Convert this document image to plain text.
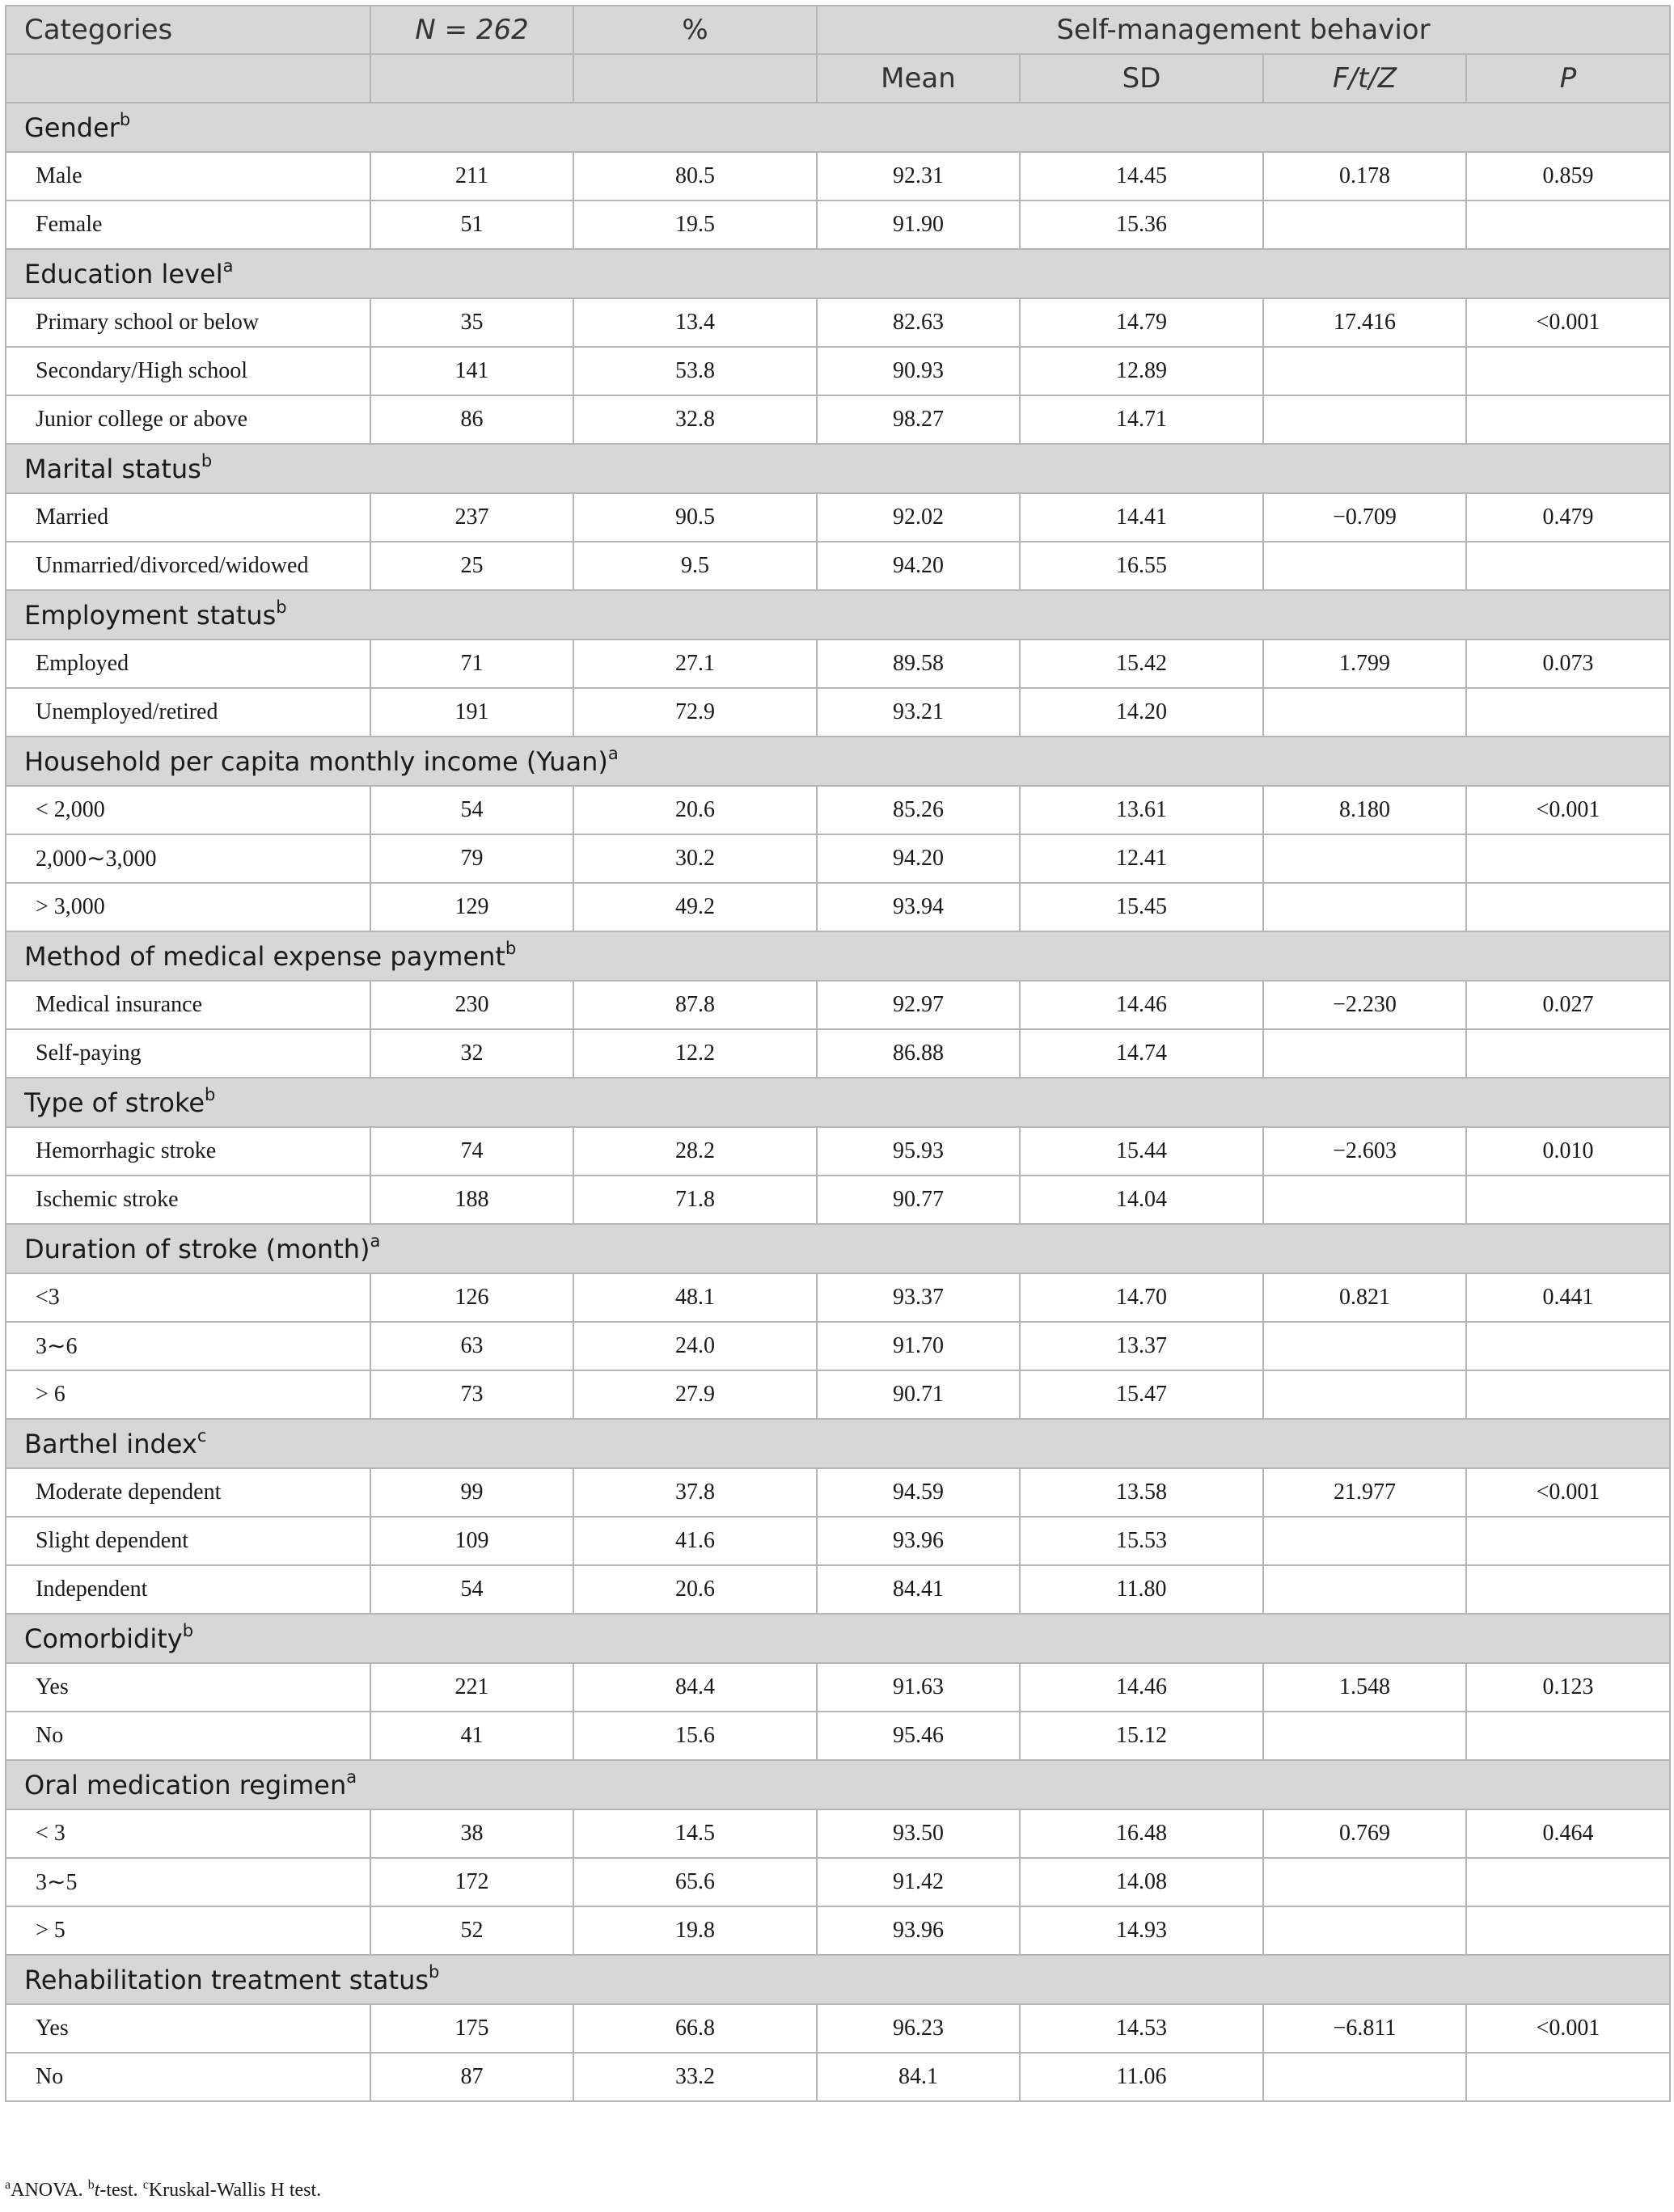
Categories	N = 262	%	Self-management behavior			
			Mean	SD	F/t/Z	P
Gender$^b$
Male	211	80.5	92.31	14.45	0.178	0.859
Female	51	19.5	91.90	15.36		
Education level$^a$
Primary school or below	35	13.4	82.63	14.79	17.416	<0.001
Secondary/High school	141	53.8	90.93	12.89		
Junior college or above	86	32.8	98.27	14.71		
Marital status$^b$
Married	237	90.5	92.02	14.41	−0.709	0.479
Unmarried/divorced/widowed	25	9.5	94.20	16.55		
Employment status$^b$
Employed	71	27.1	89.58	15.42	1.799	0.073
Unemployed/retired	191	72.9	93.21	14.20		
Household per capita monthly income (Yuan)$^a$
< 2,000	54	20.6	85.26	13.61	8.180	<0.001
2,000∼3,000	79	30.2	94.20	12.41		
> 3,000	129	49.2	93.94	15.45		
Method of medical expense payment$^b$
Medical insurance	230	87.8	92.97	14.46	−2.230	0.027
Self-paying	32	12.2	86.88	14.74		
Type of stroke$^b$
Hemorrhagic stroke	74	28.2	95.93	15.44	−2.603	0.010
Ischemic stroke	188	71.8	90.77	14.04		
Duration of stroke (month)$^a$
<3	126	48.1	93.37	14.70	0.821	0.441
3∼6	63	24.0	91.70	13.37		
> 6	73	27.9	90.71	15.47		
Barthel index$^c$
Moderate dependent	99	37.8	94.59	13.58	21.977	<0.001
Slight dependent	109	41.6	93.96	15.53		
Independent	54	20.6	84.41	11.80		
Comorbidity$^b$
Yes	221	84.4	91.63	14.46	1.548	0.123
No	41	15.6	95.46	15.12		
Oral medication regimen$^a$
< 3	38	14.5	93.50	16.48	0.769	0.464
3∼5	172	65.6	91.42	14.08		
> 5	52	19.8	93.96	14.93		
Rehabilitation treatment status$^b$
Yes	175	66.8	96.23	14.53	−6.811	<0.001
No	87	33.2	84.1	11.06		
$^a$ANOVA. $^b$t-test. $^c$Kruskal-Wallis H test.
